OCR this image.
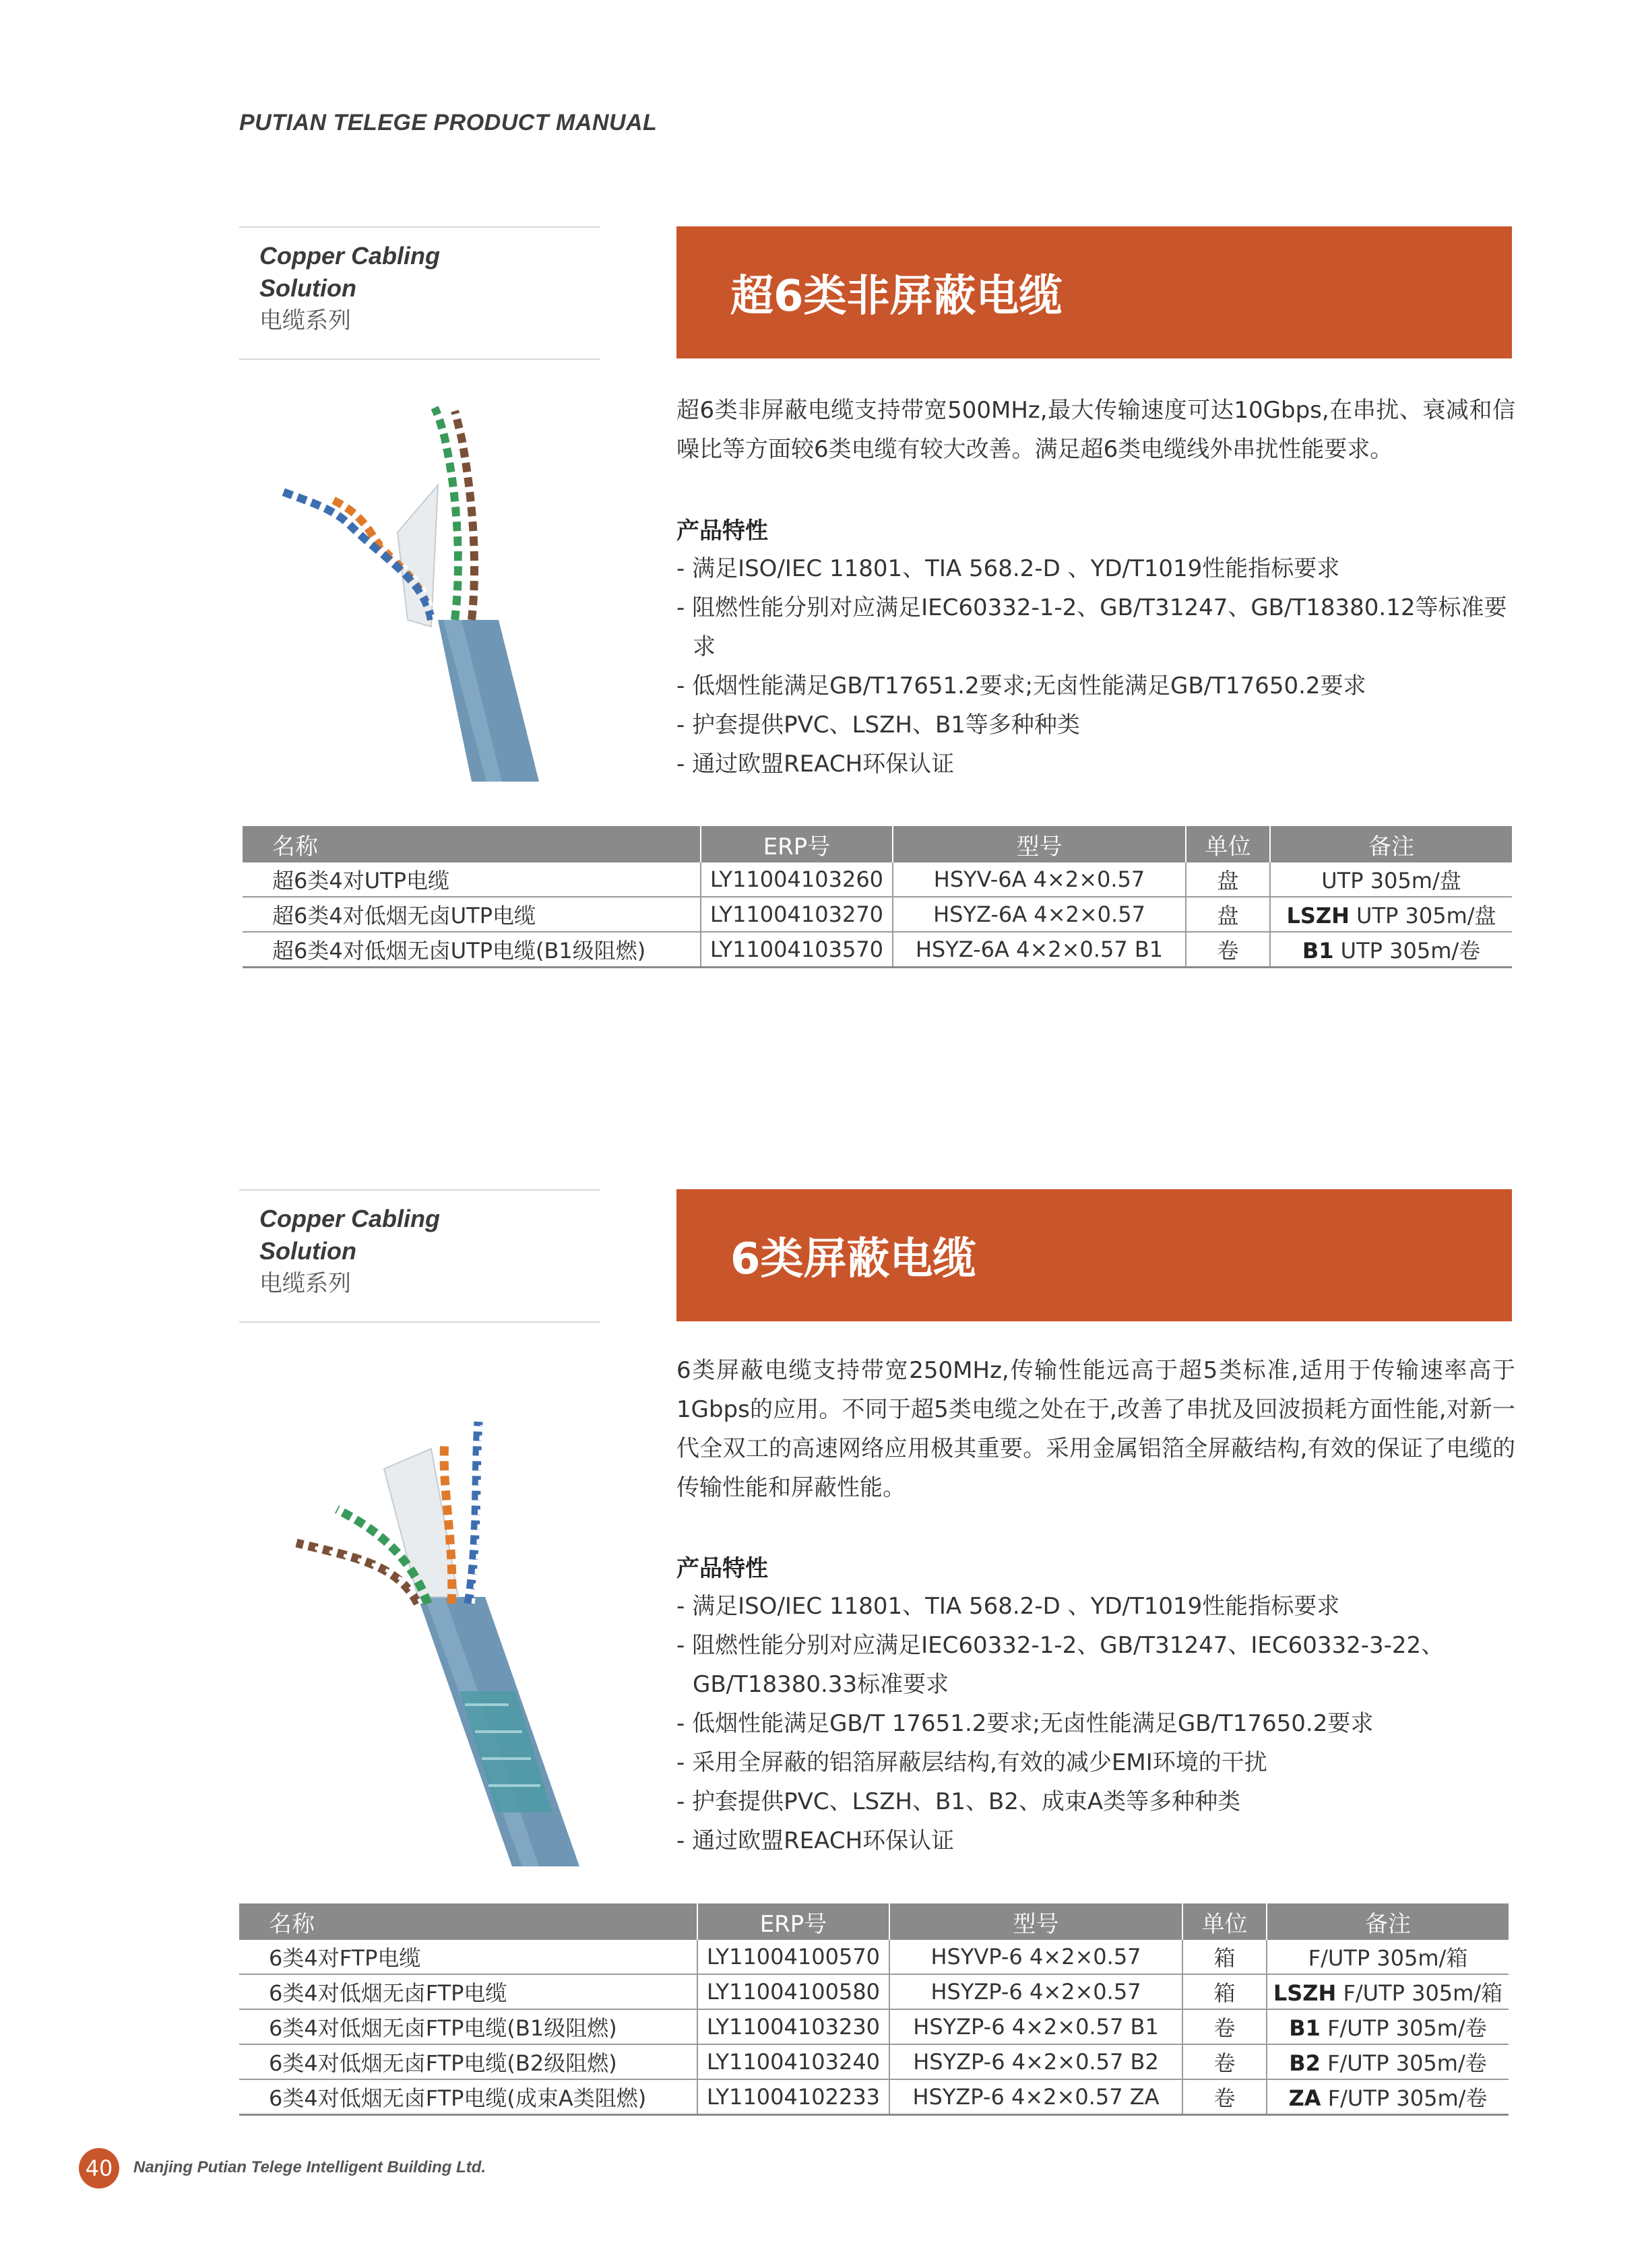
PUTIAN TELEGE PRODUCT MANUAL
Copper Cabling
Solution
电缆系列	超6类非屏蔽电缆
超6类非屏蔽电缆支持带宽500MHz,最大传输速度可达10Gbps,在串扰、衰减和信噪比等方面较6类电缆有较大改善。满足超6类电缆线外串扰性能要求。
产品特性
- 满足ISO/IEC 11801、TIA 568.2-D 、YD/T1019性能指标要求
- 阻燃性能分别对应满足IEC60332-1-2、GB/T31247、GB/T18380.12等标准要求
- 低烟性能满足GB/T17651.2要求;无卤性能满足GB/T17650.2要求
- 护套提供PVC、LSZH、B1等多种种类
- 通过欧盟REACH环保认证
名称	ERP号	型号	单位	备注
超6类4对UTP电缆	LY11004103260	HSYV-6A 4×2×0.57	盘	UTP 305m/盘
超6类4对低烟无卤UTP电缆	LY11004103270	HSYZ-6A 4×2×0.57	盘	LSZH UTP 305m/盘
超6类4对低烟无卤UTP电缆(B1级阻燃)	LY11004103570	HSYZ-6A 4×2×0.57 B1	卷	B1 UTP 305m/卷
Copper Cabling
Solution
电缆系列	6类屏蔽电缆
6类屏蔽电缆支持带宽250MHz,传输性能远高于超5类标准,适用于传输速率高于1Gbps的应用。不同于超5类电缆之处在于,改善了串扰及回波损耗方面性能,对新一代全双工的高速网络应用极其重要。采用金属铝箔全屏蔽结构,有效的保证了电缆的传输性能和屏蔽性能。
产品特性
- 满足ISO/IEC 11801、TIA 568.2-D 、YD/T1019性能指标要求
- 阻燃性能分别对应满足IEC60332-1-2、GB/T31247、IEC60332-3-22、GB/T18380.33标准要求
- 低烟性能满足GB/T 17651.2要求;无卤性能满足GB/T17650.2要求
- 采用全屏蔽的铝箔屏蔽层结构,有效的减少EMI环境的干扰
- 护套提供PVC、LSZH、B1、B2、成束A类等多种种类
- 通过欧盟REACH环保认证
名称	ERP号	型号	单位	备注
6类4对FTP电缆	LY11004100570	HSYVP-6 4×2×0.57	箱	F/UTP 305m/箱
6类4对低烟无卤FTP电缆	LY11004100580	HSYZP-6 4×2×0.57	箱	LSZH F/UTP 305m/箱
6类4对低烟无卤FTP电缆(B1级阻燃)	LY11004103230	HSYZP-6 4×2×0.57 B1	卷	B1 F/UTP 305m/卷
6类4对低烟无卤FTP电缆(B2级阻燃)	LY11004103240	HSYZP-6 4×2×0.57 B2	卷	B2 F/UTP 305m/卷
6类4对低烟无卤FTP电缆(成束A类阻燃)	LY11004102233	HSYZP-6 4×2×0.57 ZA	卷	ZA F/UTP 305m/卷
40 Nanjing Putian Telege Intelligent Building Ltd.
